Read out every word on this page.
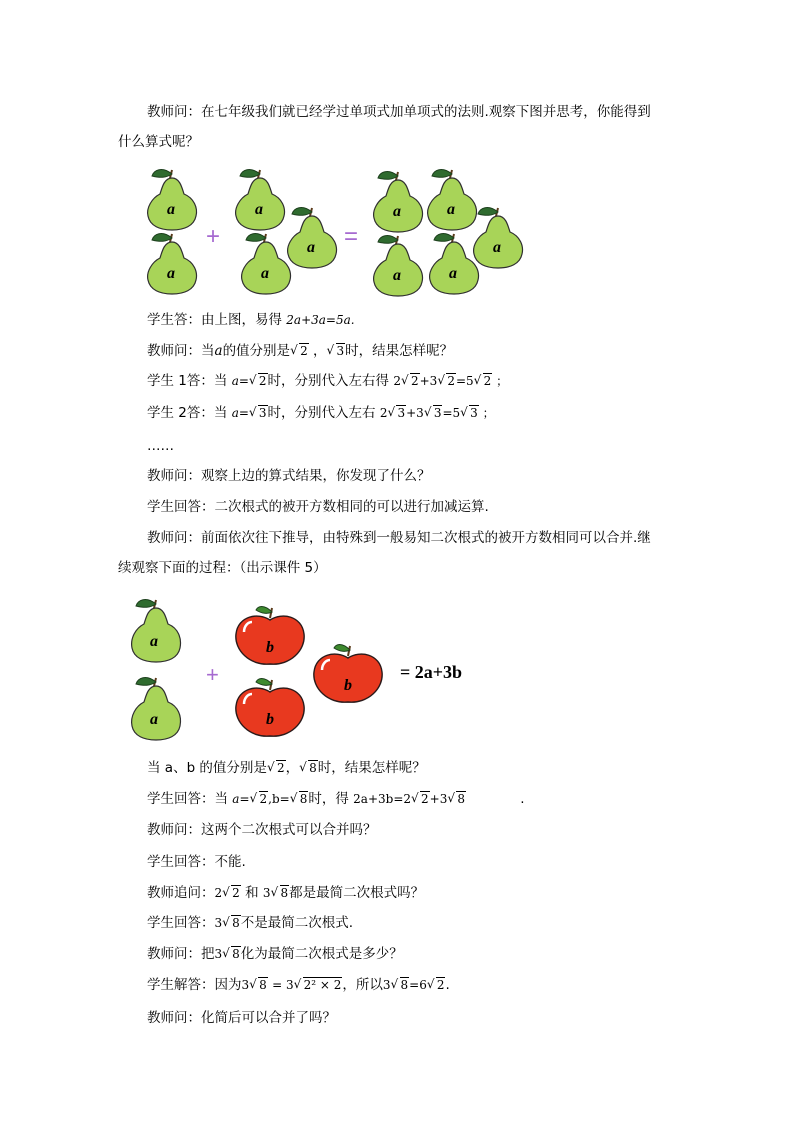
教师问：在七年级我们就已经学过单项式加单项式的法则.观察下图并思考，你能得到
什么算式呢？
a
a
+
a
a
a =
a	a
a	a
a
学生答：由上图，易得 2a+3a=5a.
教师问：当a的值分别是 √ 2 ， √ 3时，结果怎样呢？
学生 1答：当 a= √ 2时，分别代入左右得 2 √ 2+3 √ 2=5 √ 2 ；
学生 2答：当 a= √ 3时，分别代入左右 2 √ 3+3 √ 3=5 √ 3 ；
……
教师问：观察上边的算式结果，你发现了什么？
学生回答：二次根式的被开方数相同的可以进行加减运算.
教师问：前面依次往下推导，由特殊到一般易知二次根式的被开方数相同可以合并.继
续观察下面的过程：（出示课件 5）
a
a
+
b
b
b
= 2a+3b
当 a、b 的值分别是 √ 2， √ 8时，结果怎样呢？
学生回答：当 a= √ 2,b= √ 8时，得 2a+3b=2 √ 2+3 √ 8	.
教师问：这两个二次根式可以合并吗？
学生回答：不能.
教师追问：2 √ 2 和 3 √ 8都是最简二次根式吗？
学生回答：3 √ 8不是最简二次根式.
教师问：把3 √ 8化为最简二次根式是多少？
学生解答：因为3 √ 8 = 3 √ 2² × 2，所以3 √ 8=6 √ 2.
教师问：化简后可以合并了吗？
